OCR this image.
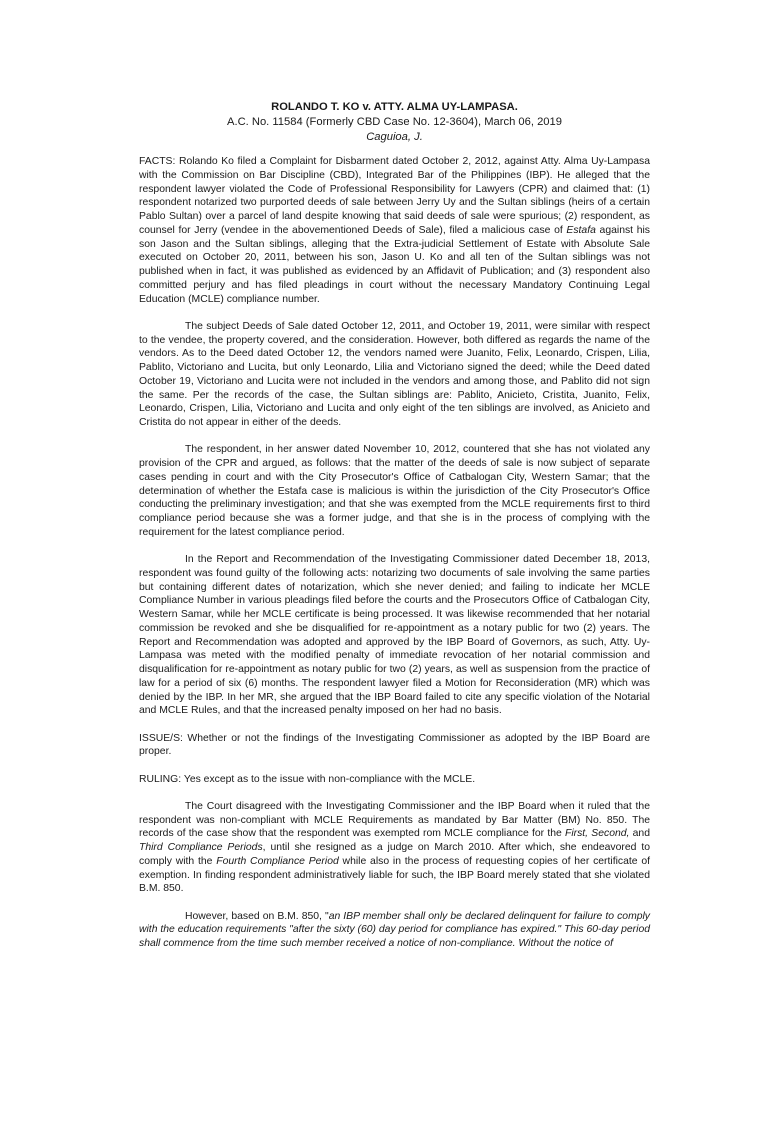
ROLANDO T. KO v. ATTY. ALMA UY-LAMPASA.
A.C. No. 11584 (Formerly CBD Case No. 12-3604), March 06, 2019
Caguioa, J.

FACTS: Rolando Ko filed a Complaint for Disbarment dated October 2, 2012, against Atty. Alma Uy-Lampasa with the Commission on Bar Discipline (CBD), Integrated Bar of the Philippines (IBP). He alleged that the respondent lawyer violated the Code of Professional Responsibility for Lawyers (CPR) and claimed that: (1) respondent notarized two purported deeds of sale between Jerry Uy and the Sultan siblings (heirs of a certain Pablo Sultan) over a parcel of land despite knowing that said deeds of sale were spurious; (2) respondent, as counsel for Jerry (vendee in the abovementioned Deeds of Sale), filed a malicious case of Estafa against his son Jason and the Sultan siblings, alleging that the Extra-judicial Settlement of Estate with Absolute Sale executed on October 20, 2011, between his son, Jason U. Ko and all ten of the Sultan siblings was not published when in fact, it was published as evidenced by an Affidavit of Publication; and (3) respondent also committed perjury and has filed pleadings in court without the necessary Mandatory Continuing Legal Education (MCLE) compliance number.

The subject Deeds of Sale dated October 12, 2011, and October 19, 2011, were similar with respect to the vendee, the property covered, and the consideration. However, both differed as regards the name of the vendors. As to the Deed dated October 12, the vendors named were Juanito, Felix, Leonardo, Crispen, Lilia, Pablito, Victoriano and Lucita, but only Leonardo, Lilia and Victoriano signed the deed; while the Deed dated October 19, Victoriano and Lucita were not included in the vendors and among those, and Pablito did not sign the same. Per the records of the case, the Sultan siblings are: Pablito, Anicieto, Cristita, Juanito, Felix, Leonardo, Crispen, Lilia, Victoriano and Lucita and only eight of the ten siblings are involved, as Anicieto and Cristita do not appear in either of the deeds.

The respondent, in her answer dated November 10, 2012, countered that she has not violated any provision of the CPR and argued, as follows: that the matter of the deeds of sale is now subject of separate cases pending in court and with the City Prosecutor's Office of Catbalogan City, Western Samar; that the determination of whether the Estafa case is malicious is within the jurisdiction of the City Prosecutor's Office conducting the preliminary investigation; and that she was exempted from the MCLE requirements first to third compliance period because she was a former judge, and that she is in the process of complying with the requirement for the latest compliance period.

In the Report and Recommendation of the Investigating Commissioner dated December 18, 2013, respondent was found guilty of the following acts: notarizing two documents of sale involving the same parties but containing different dates of notarization, which she never denied; and failing to indicate her MCLE Compliance Number in various pleadings filed before the courts and the Prosecutors Office of Catbalogan City, Western Samar, while her MCLE certificate is being processed. It was likewise recommended that her notarial commission be revoked and she be disqualified for re-appointment as a notary public for two (2) years. The Report and Recommendation was adopted and approved by the IBP Board of Governors, as such, Atty. Uy-Lampasa was meted with the modified penalty of immediate revocation of her notarial commission and disqualification for re-appointment as notary public for two (2) years, as well as suspension from the practice of law for a period of six (6) months. The respondent lawyer filed a Motion for Reconsideration (MR) which was denied by the IBP. In her MR, she argued that the IBP Board failed to cite any specific violation of the Notarial and MCLE Rules, and that the increased penalty imposed on her had no basis.

ISSUE/S: Whether or not the findings of the Investigating Commissioner as adopted by the IBP Board are proper.

RULING: Yes except as to the issue with non-compliance with the MCLE.

The Court disagreed with the Investigating Commissioner and the IBP Board when it ruled that the respondent was non-compliant with MCLE Requirements as mandated by Bar Matter (BM) No. 850. The records of the case show that the respondent was exempted rom MCLE compliance for the First, Second, and Third Compliance Periods, until she resigned as a judge on March 2010. After which, she endeavored to comply with the Fourth Compliance Period while also in the process of requesting copies of her certificate of exemption. In finding respondent administratively liable for such, the IBP Board merely stated that she violated B.M. 850.

However, based on B.M. 850, "an IBP member shall only be declared delinquent for failure to comply with the education requirements "after the sixty (60) day period for compliance has expired." This 60-day period shall commence from the time such member received a notice of non-compliance. Without the notice of
